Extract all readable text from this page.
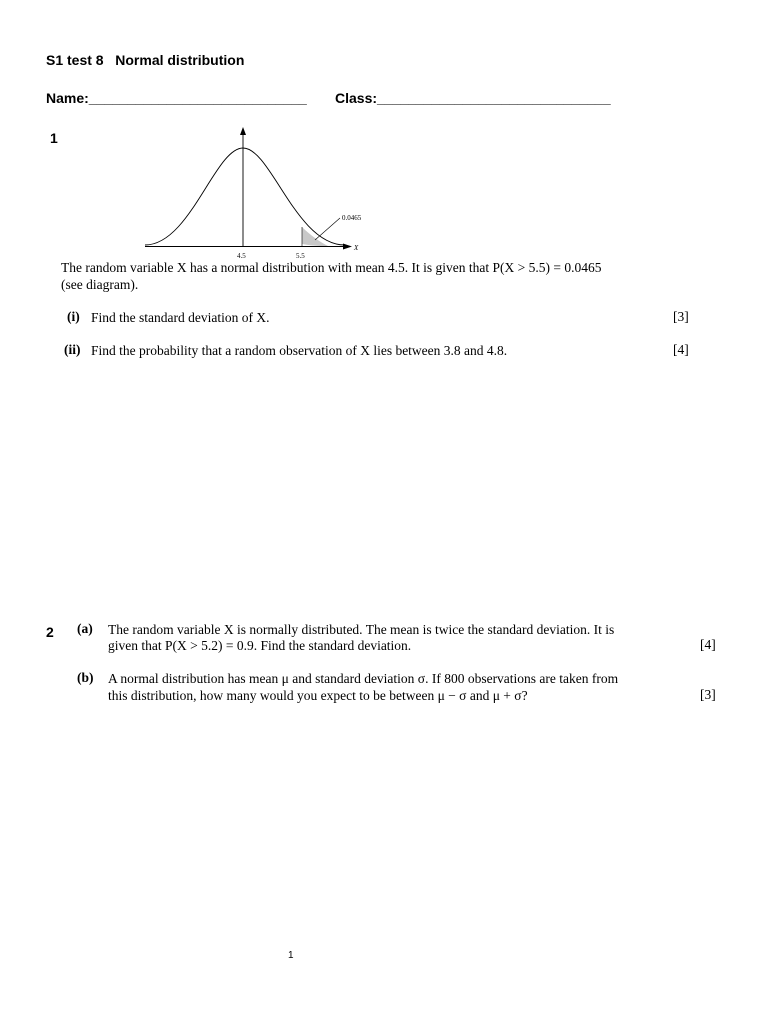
S1 test 8   Normal distribution
Name:____________________________ Class:______________________________
1
0.0465
X
4.5	5.5
The random variable X has a normal distribution with mean 4.5. It is given that P(X > 5.5) = 0.0465
(see diagram).
(i) Find the standard deviation of X.	[3]
(ii) Find the probability that a random observation of X lies between 3.8 and 4.8.	[4]
2 (a) The random variable X is normally distributed. The mean is twice the standard deviation. It is
given that P(X > 5.2) = 0.9. Find the standard deviation.	[4]
(b) A normal distribution has mean μ and standard deviation σ. If 800 observations are taken from
this distribution, how many would you expect to be between μ − σ and μ + σ?	[3]
1
